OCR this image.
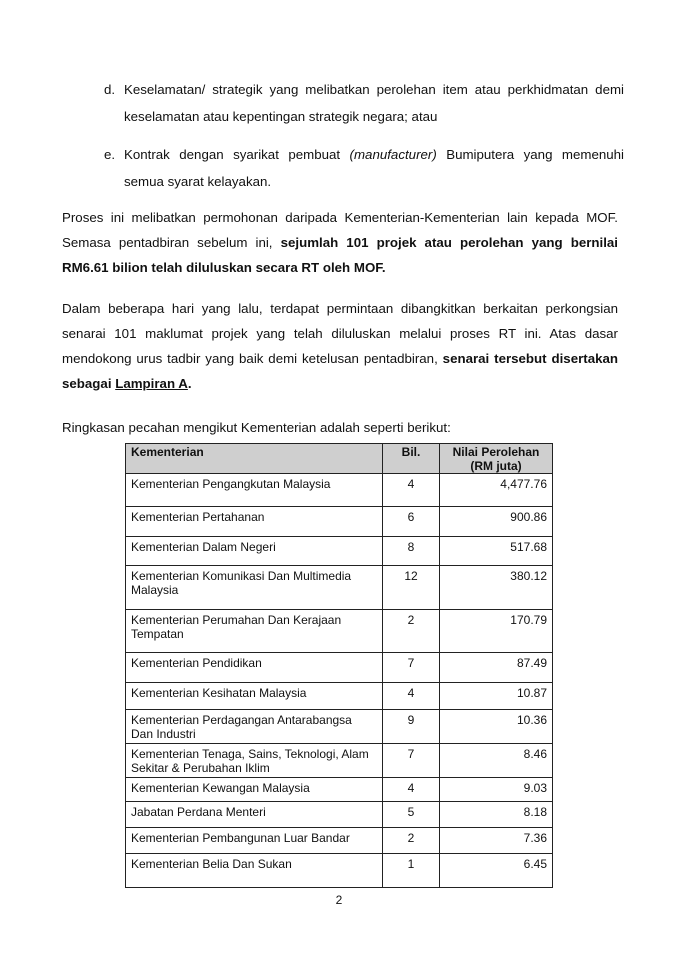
d. Keselamatan/ strategik yang melibatkan perolehan item atau perkhidmatan demi keselamatan atau kepentingan strategik negara; atau
e. Kontrak dengan syarikat pembuat (manufacturer) Bumiputera yang memenuhi semua syarat kelayakan.
Proses ini melibatkan permohonan daripada Kementerian-Kementerian lain kepada MOF. Semasa pentadbiran sebelum ini, sejumlah 101 projek atau perolehan yang bernilai RM6.61 bilion telah diluluskan secara RT oleh MOF.
Dalam beberapa hari yang lalu, terdapat permintaan dibangkitkan berkaitan perkongsian senarai 101 maklumat projek yang telah diluluskan melalui proses RT ini. Atas dasar mendokong urus tadbir yang baik demi ketelusan pentadbiran, senarai tersebut disertakan sebagai Lampiran A.
Ringkasan pecahan mengikut Kementerian adalah seperti berikut:
Kementerian	Bil.	Nilai Perolehan (RM juta)
Kementerian Pengangkutan Malaysia	4	4,477.76
Kementerian Pertahanan	6	900.86
Kementerian Dalam Negeri	8	517.68
Kementerian Komunikasi Dan Multimedia Malaysia	12	380.12
Kementerian Perumahan Dan Kerajaan Tempatan	2	170.79
Kementerian Pendidikan	7	87.49
Kementerian Kesihatan Malaysia	4	10.87
Kementerian Perdagangan Antarabangsa Dan Industri	9	10.36
Kementerian Tenaga, Sains, Teknologi, Alam Sekitar & Perubahan Iklim	7	8.46
Kementerian Kewangan Malaysia	4	9.03
Jabatan Perdana Menteri	5	8.18
Kementerian Pembangunan Luar Bandar	2	7.36
Kementerian Belia Dan Sukan	1	6.45
2
